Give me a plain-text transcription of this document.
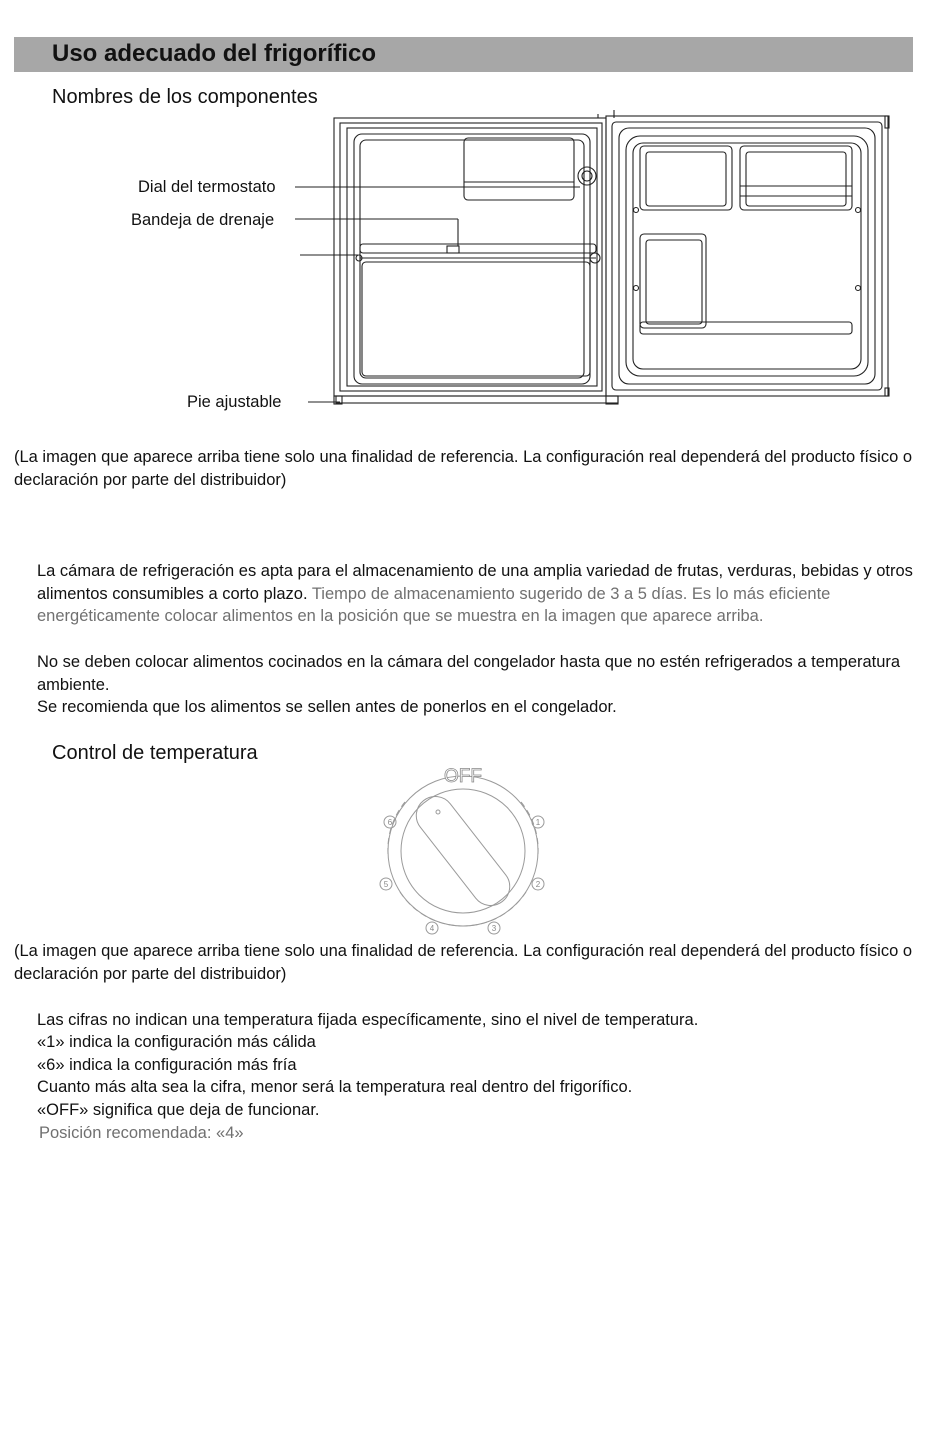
Uso adecuado del frigorífico
Nombres de los componentes
Dial del termostato
Bandeja de drenaje
Pie ajustable
(La imagen que aparece arriba tiene solo una finalidad de referencia. La configuración real dependerá del producto físico o declaración por parte del distribuidor)
La cámara de refrigeración es apta para el almacenamiento de una amplia variedad de frutas, verduras, bebidas y otros alimentos consumibles a corto plazo. Tiempo de almacenamiento sugerido de 3 a 5 días. Es lo más eficiente energéticamente colocar alimentos en la posición que se muestra en la imagen que aparece arriba.
No se deben colocar alimentos cocinados en la cámara del congelador hasta que no estén refrigerados a temperatura ambiente.
Se recomienda que los alimentos se sellen antes de ponerlos en el congelador.
Control de temperatura
OFF
1
2
3
4
5
6
(La imagen que aparece arriba tiene solo una finalidad de referencia. La configuración real dependerá del producto físico o declaración por parte del distribuidor)
Las cifras no indican una temperatura fijada específicamente, sino el nivel de temperatura.
«1» indica la configuración más cálida
«6» indica la configuración más fría
Cuanto más alta sea la cifra, menor será la temperatura real dentro del frigorífico.
«OFF» significa que deja de funcionar.
Posición recomendada: «4»
